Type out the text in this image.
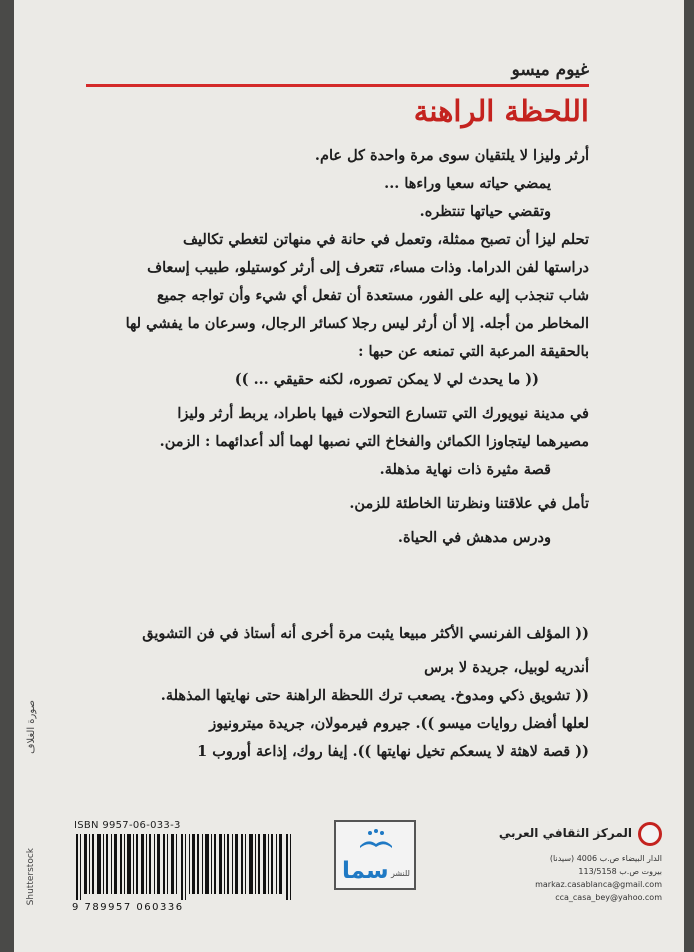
غيوم ميسو
اللحظة الراهنة
أرثر وليزا لا يلتقيان سوى مرة واحدة كل عام.
يمضي حياته سعيا وراءها ...
وتقضي حياتها تنتظره.
تحلم ليزا أن تصبح ممثلة، وتعمل في حانة في منهاتن لتغطي تكاليف
دراستها لفن الدراما. وذات مساء، تتعرف إلى أرثر كوستيلو، طبيب إسعاف
شاب تنجذب إليه على الفور، مستعدة أن تفعل أي شيء وأن تواجه جميع
المخاطر من أجله. إلا أن أرثر ليس رجلا كسائر الرجال، وسرعان ما يفشي لها
بالحقيقة المرعبة التي تمنعه عن حبها :
(( ما يحدث لي لا يمكن تصوره، لكنه حقيقي ... ))
في مدينة نيويورك التي تتسارع التحولات فيها باطراد، يربط أرثر وليزا
مصيرهما ليتجاوزا الكمائن والفخاخ التي نصبها لهما ألد أعدائهما : الزمن.
قصة مثيرة ذات نهاية مذهلة.
تأمل في علاقتنا ونظرتنا الخاطئة للزمن.
ودرس مدهش في الحياة.
(( المؤلف الفرنسي الأكثر مبيعا يثبت مرة أخرى أنه أستاذ في فن التشويق
أندريه لوبيل، جريدة لا برس
(( تشويق ذكي ومدوخ. يصعب ترك اللحظة الراهنة حتى نهايتها المذهلة.
لعلها أفضل روايات ميسو )). جيروم فيرمولان، جريدة ميترونيوز
(( قصة لاهثة لا يسعكم تخيل نهايتها )). إيفا روك، إذاعة أوروب 1
صورة الغلاف
Shutterstock
ISBN 9957-06-033-3
9 789957 060336
للنشر
سما
المركز الثقافي العربي
الدار البيضاء ص.ب 4006 (سيدنا)
بيروت ص.ب 113/5158
markaz.casablanca@gmail.com
cca_casa_bey@yahoo.com
